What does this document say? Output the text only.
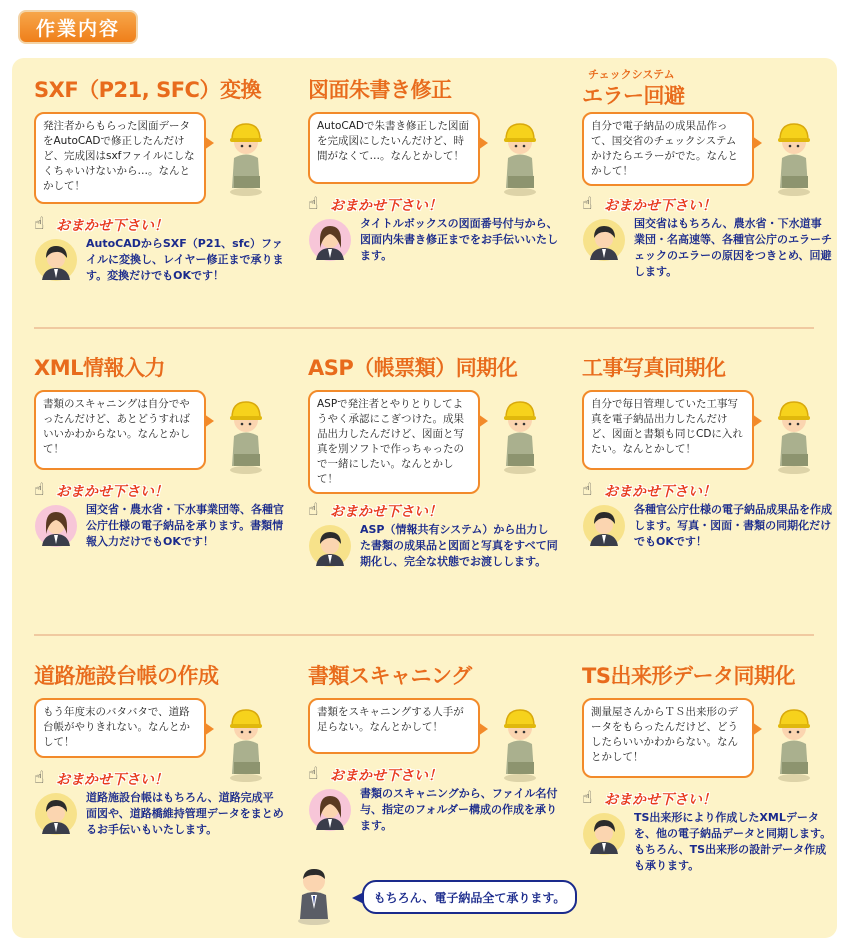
作業内容
SXF（P21, SFC）変換
発注者からもらった図面データをAutoCADで修正したんだけど、完成図はsxfファイルにしなくちゃいけないから…。なんとかして！
☝ おまかせ下さい！
AutoCADからSXF（P21、sfc）ファイルに変換し、レイヤー修正まで承ります。変換だけでもOKです！
図面朱書き修正
AutoCADで朱書き修正した図面を完成図にしたいんだけど、時間がなくて…。なんとかして！
☝ おまかせ下さい！
タイトルボックスの図面番号付与から、図面内朱書き修正までをお手伝いいたします。
チェックシステム
エラー回避
自分で電子納品の成果品作って、国交省のチェックシステムかけたらエラーがでた。なんとかして！
☝ おまかせ下さい！
国交省はもちろん、農水省・下水道事業団・名高速等、各種官公庁のエラーチェックのエラーの原因をつきとめ、回避します。
XML情報入力
書類のスキャニングは自分でやったんだけど、あとどうすればいいかわからない。なんとかして！
☝ おまかせ下さい！
国交省・農水省・下水事業団等、各種官公庁仕様の電子納品を承ります。書類情報入力だけでもOKです！
ASP（帳票類）同期化
ASPで発注者とやりとりしてようやく承認にこぎつけた。成果品出力したんだけど、図面と写真を別ソフトで作っちゃったので一緒にしたい。なんとかして！
☝ おまかせ下さい！
ASP（情報共有システム）から出力した書類の成果品と図面と写真をすべて同期化し、完全な状態でお渡しします。
工事写真同期化
自分で毎日管理していた工事写真を電子納品出力したんだけど、図面と書類も同じCDに入れたい。なんとかして！
☝ おまかせ下さい！
各種官公庁仕様の電子納品成果品を作成します。写真・図面・書類の同期化だけでもOKです！
道路施設台帳の作成
もう年度末のバタバタで、道路台帳がやりきれない。なんとかして！
☝ おまかせ下さい！
道路施設台帳はもちろん、道路完成平面図や、道路橋維持管理データをまとめるお手伝いもいたします。
書類スキャニング
書類をスキャニングする人手が足らない。なんとかして！
☝ おまかせ下さい！
書類のスキャニングから、ファイル名付与、指定のフォルダー構成の作成を承ります。
TS出来形データ同期化
測量屋さんからＴＳ出来形のデータをもらったんだけど、どうしたらいいかわからない。なんとかして！
☝ おまかせ下さい！
TS出来形により作成したXMLデータを、他の電子納品データと同期します。もちろん、TS出来形の設計データ作成も承ります。
もちろん、電子納品全て承ります。
